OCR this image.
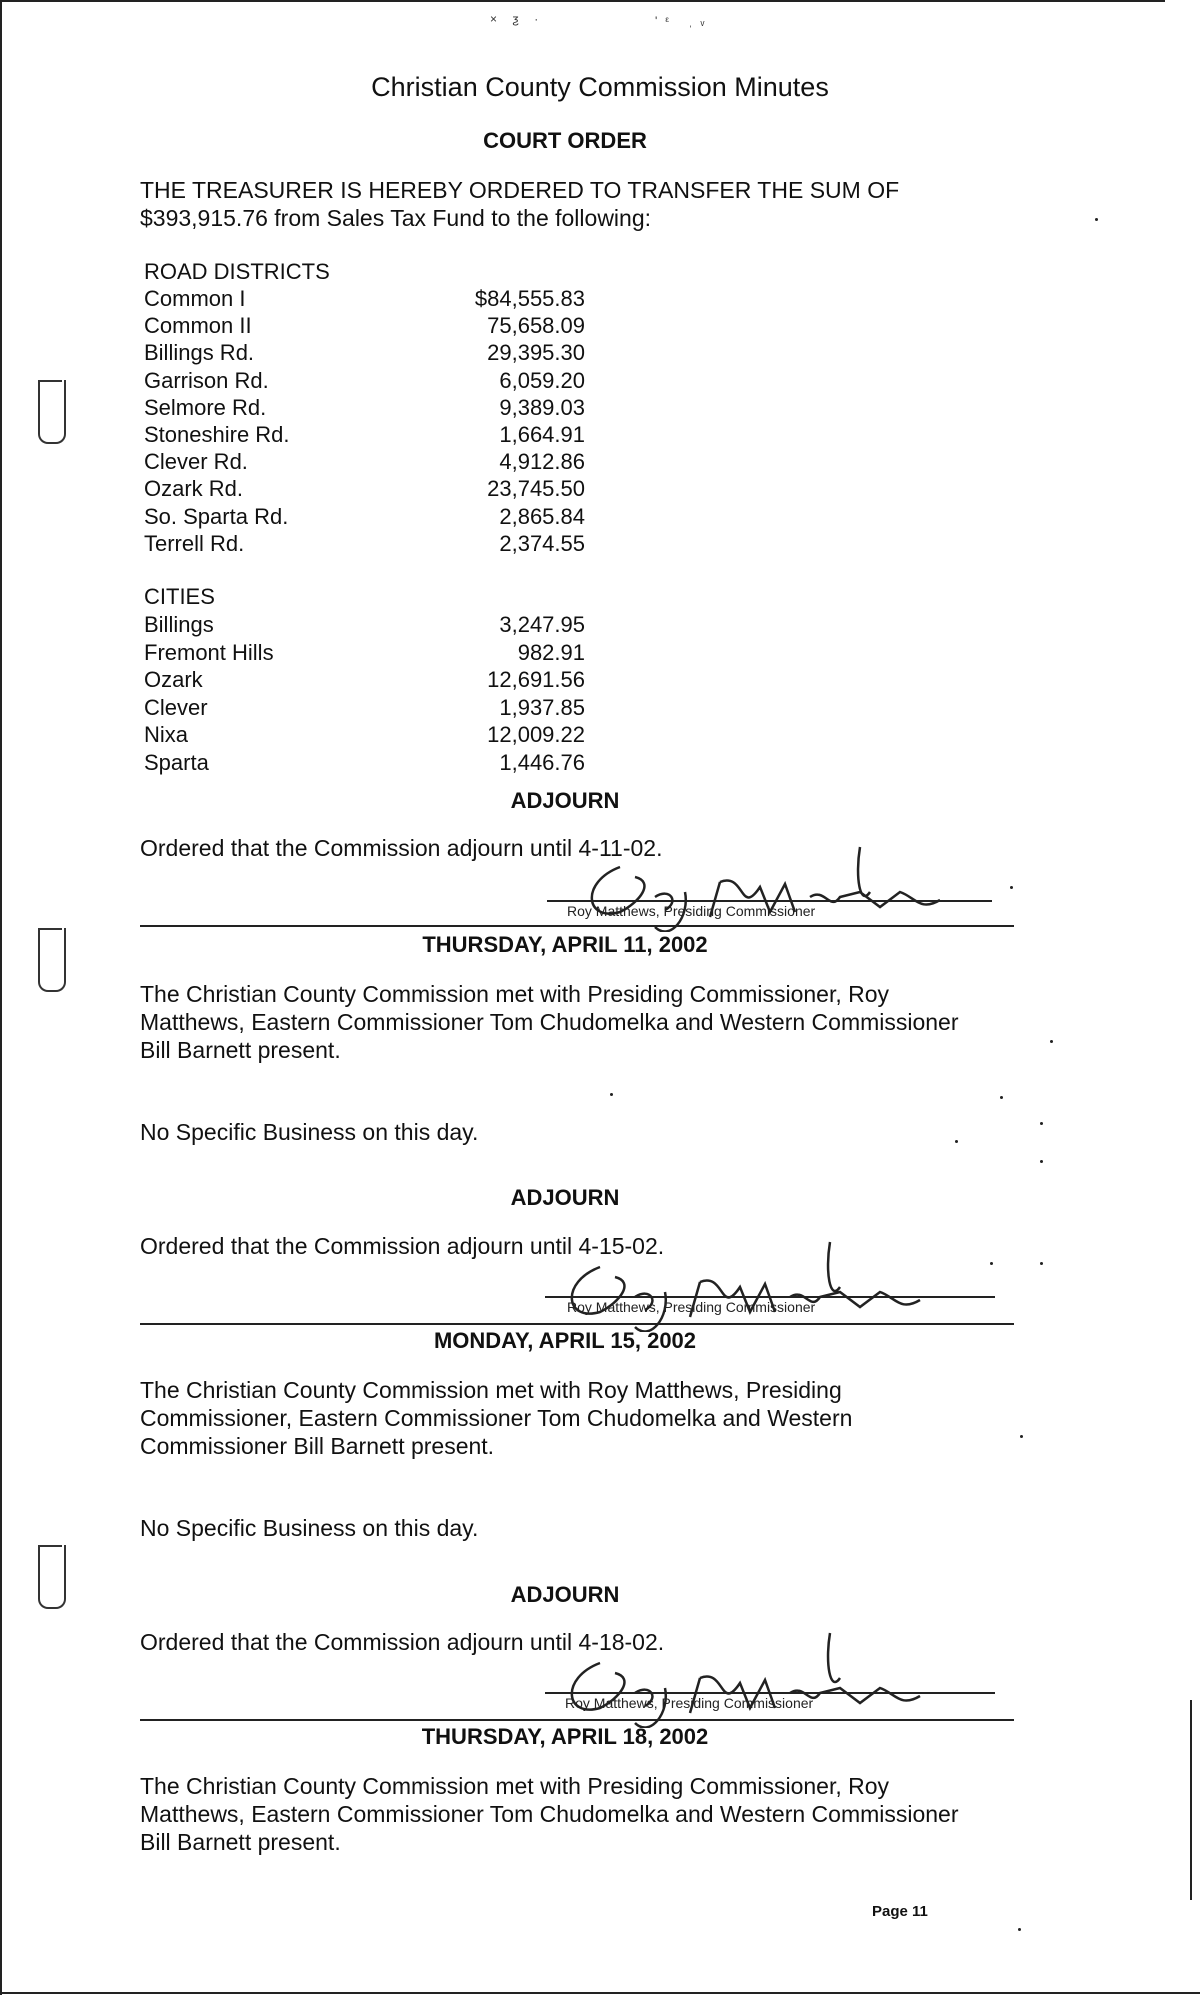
× ƺ ·	'ᵋ ˌᵥ
Christian County Commission Minutes
COURT ORDER
THE TREASURER IS HEREBY ORDERED TO TRANSFER THE SUM OF
$393,915.76 from Sales Tax Fund to the following:
ROAD DISTRICTS
Common I	$84,555.83
Common II	75,658.09
Billings Rd.	29,395.30
Garrison Rd.	6,059.20
Selmore Rd.	9,389.03
Stoneshire Rd.	1,664.91
Clever Rd.	4,912.86
Ozark Rd.	23,745.50
So. Sparta Rd.	2,865.84
Terrell Rd.	2,374.55
CITIES
Billings	3,247.95
Fremont Hills	982.91
Ozark	12,691.56
Clever	1,937.85
Nixa	12,009.22
Sparta	1,446.76
ADJOURN
Ordered that the Commission adjourn until 4-11-02.
Roy Matthews, Presiding Commissioner
THURSDAY, APRIL 11, 2002
The Christian County Commission met with Presiding Commissioner, Roy Matthews, Eastern Commissioner Tom Chudomelka and Western Commissioner Bill Barnett present.
No Specific Business on this day.
ADJOURN
Ordered that the Commission adjourn until 4-15-02.
Roy Matthews, Presiding Commissioner
MONDAY, APRIL 15, 2002
The Christian County Commission met with Roy Matthews, Presiding Commissioner, Eastern Commissioner Tom Chudomelka and Western Commissioner Bill Barnett present.
No Specific Business on this day.
ADJOURN
Ordered that the Commission adjourn until 4-18-02.
Roy Matthews, Presiding Commissioner
THURSDAY, APRIL 18, 2002
The Christian County Commission met with Presiding Commissioner, Roy Matthews, Eastern Commissioner Tom Chudomelka and Western Commissioner Bill Barnett present.
Page 11
